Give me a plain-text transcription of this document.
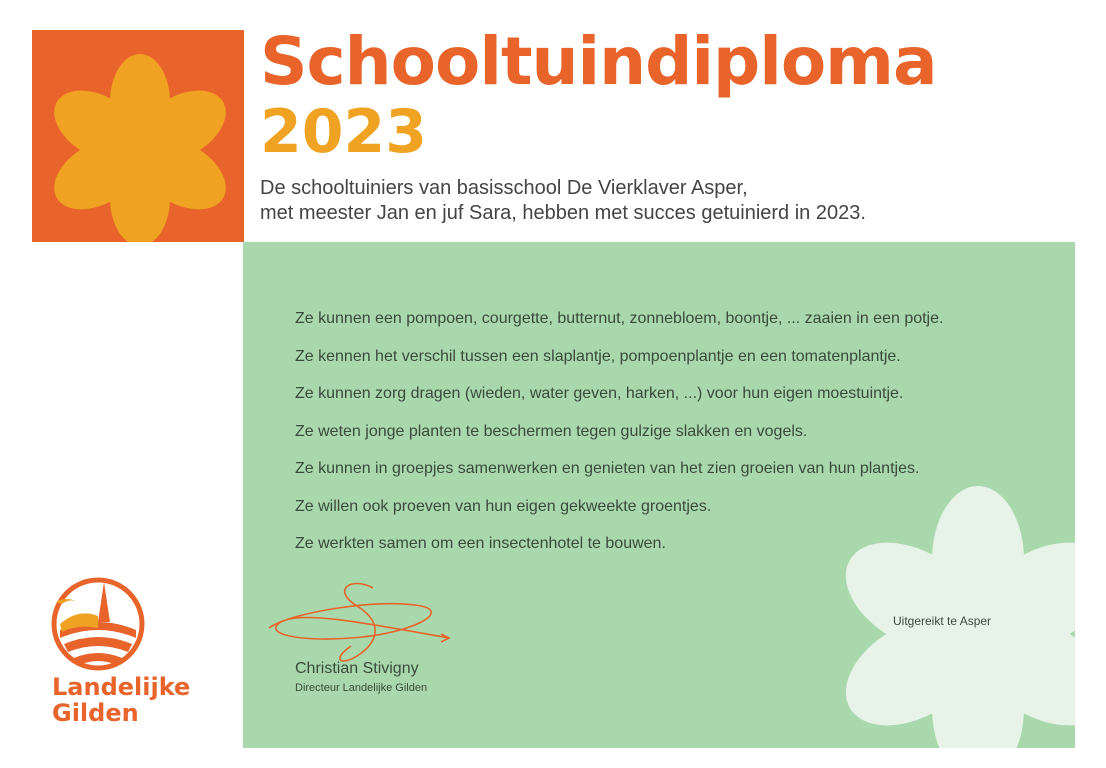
Schooltuindiploma
2023

De schooltuiniers van basisschool De Vierklaver Asper,
met meester Jan en juf Sara, hebben met succes getuinierd in 2023.

Ze kunnen een pompoen, courgette, butternut, zonnebloem, boontje, ... zaaien in een potje.
Ze kennen het verschil tussen een slaplantje, pompoenplantje en een tomatenplantje.
Ze kunnen zorg dragen (wieden, water geven, harken, ...) voor hun eigen moestuintje.
Ze weten jonge planten te beschermen tegen gulzige slakken en vogels.
Ze kunnen in groepjes samenwerken en genieten van het zien groeien van hun plantjes.
Ze willen ook proeven van hun eigen gekweekte groentjes.
Ze werkten samen om een insectenhotel te bouwen.
Christian Stivigny
Directeur Landelijke Gilden
Uitgereikt te Asper

Landelijke
Gilden
